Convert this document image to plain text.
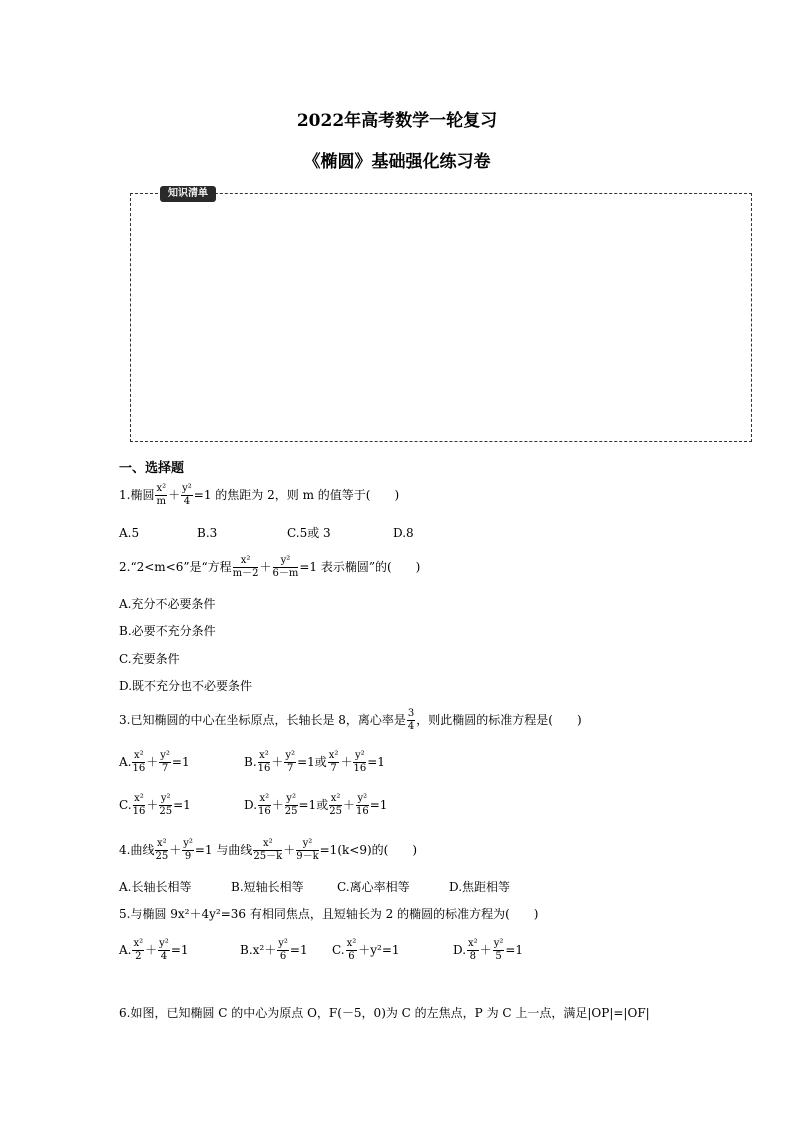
2022年高考数学一轮复习
《椭圆》基础强化练习卷
知识清单
一、选择题
1.椭圆 $\frac{\text{x²}}{m} + \frac{\text{y²}}{4} =1$ 的焦距为 2，则 m 的值等于(　　)
A.5	B.3	C.5或 3	D.8
2.“2<m<6”是“方程 $\frac{\text{x²}}{m-2} + \frac{\text{y²}}{6-m} =1$ 表示椭圆”的(　　)
A.充分不必要条件
B.必要不充分条件
C.充要条件
D.既不充分也不必要条件
3.已知椭圆的中心在坐标原点，长轴长是 8，离心率是 $\frac{3}{4}$ ，则此椭圆的标准方程是(　　)
A. $\frac{\text{x²}}{16} + \frac{\text{y²}}{7} =1$	B. $\frac{\text{x²}}{16} + \frac{\text{y²}}{7} =1$或 $\frac{\text{x²}}{7} + \frac{\text{y²}}{16} =1$
C. $\frac{\text{x²}}{16} + \frac{\text{y²}}{25} =1$	D. $\frac{\text{x²}}{16} + \frac{\text{y²}}{25} =1$或 $\frac{\text{x²}}{25} + \frac{\text{y²}}{16} =1$
4.曲线 $\frac{\text{x²}}{25} + \frac{\text{y²}}{9} =1$ 与曲线 $\frac{\text{x²}}{25-k} + \frac{\text{y²}}{9-k} =1(k<9)$的(　　)
A.长轴长相等	B.短轴长相等	C.离心率相等	D.焦距相等
5.与椭圆 9x²＋4y²=36 有相同焦点，且短轴长为 2 的椭圆的标准方程为(　　)
A. $\frac{\text{x²}}{2} + \frac{\text{y²}}{4} =1$	$B.x^2+ \frac{\text{y²}}{6} =1$ C. $\frac{\text{x²}}{6} +y^2=1$	D. $\frac{\text{x²}}{8} + \frac{\text{y²}}{5} =1$
6.如图，已知椭圆 C 的中心为原点 O，F(－5，0)为 C 的左焦点，P 为 C 上一点，满足|OP|=|OF|
